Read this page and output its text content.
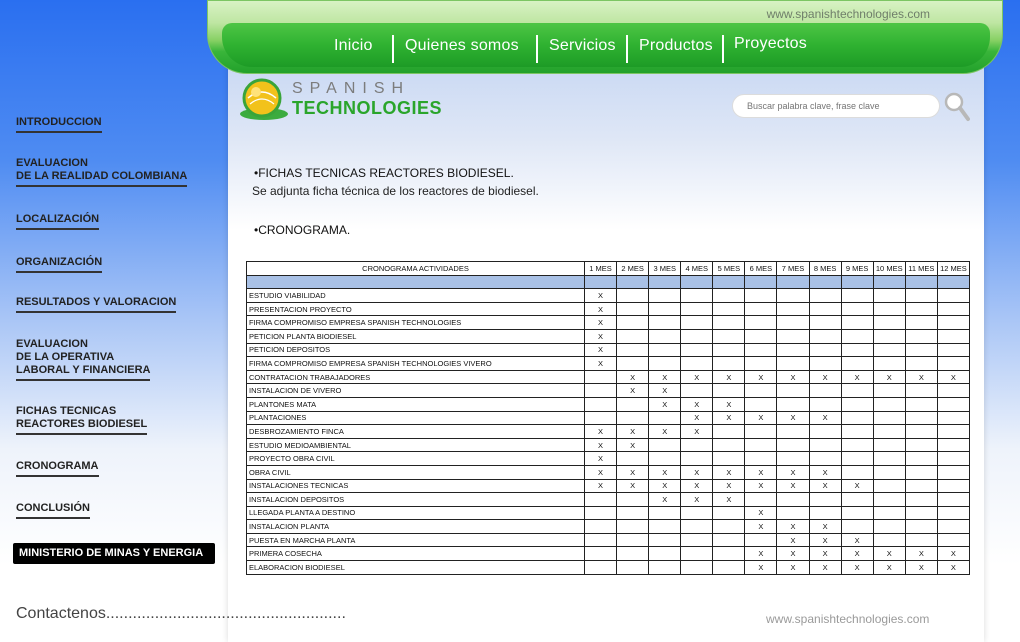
www.spanishtechnologies.com
Inicio Quienes somos Servicios Productos Proyectos
SPANISH
TECHNOLOGIES
Buscar palabra clave, frase clave
INTRODUCCION
EVALUACION
DE LA REALIDAD COLOMBIANA
LOCALIZACIÓN
ORGANIZACIÓN
RESULTADOS Y VALORACION
EVALUACION
DE LA OPERATIVA
LABORAL Y FINANCIERA
FICHAS TECNICAS
REACTORES BIODIESEL
CRONOGRAMA
CONCLUSIÓN
MINISTERIO DE MINAS Y ENERGIA
Contactenos......................................................
•FICHAS TECNICAS REACTORES BIODIESEL.
Se adjunta ficha técnica de los reactores de biodiesel.
•CRONOGRAMA.
CRONOGRAMA ACTIVIDADES	1 MES	2 MES	3 MES	4 MES	5 MES	6 MES	7 MES	8 MES	9 MES	10 MES	11 MES	12 MES

ESTUDIO VIABILIDAD	X											
PRESENTACION PROYECTO	X											
FIRMA COMPROMISO EMPRESA SPANISH TECHNOLOGIES	X											
PETICION PLANTA BIODIESEL	X											
PETICION DEPOSITOS	X											
FIRMA COMPROMISO EMPRESA SPANISH TECHNOLOGIES VIVERO	X											
CONTRATACION TRABAJADORES		X	X	X	X	X	X	X	X	X	X	X
INSTALACION DE VIVERO		X	X									
PLANTONES MATA			X	X	X							
PLANTACIONES				X	X	X	X	X				
DESBROZAMIENTO FINCA	X	X	X	X								
ESTUDIO MEDIOAMBIENTAL	X	X										
PROYECTO OBRA CIVIL	X											
OBRA CIVIL	X	X	X	X	X	X	X	X				
INSTALACIONES TECNICAS	X	X	X	X	X	X	X	X	X			
INSTALACION DEPOSITOS			X	X	X							
LLEGADA PLANTA A DESTINO						X						
INSTALACION PLANTA						X	X	X				
PUESTA EN MARCHA PLANTA							X	X	X			
PRIMERA COSECHA						X	X	X	X	X	X	X
ELABORACION BIODIESEL						X	X	X	X	X	X	X
www.spanishtechnologies.com
